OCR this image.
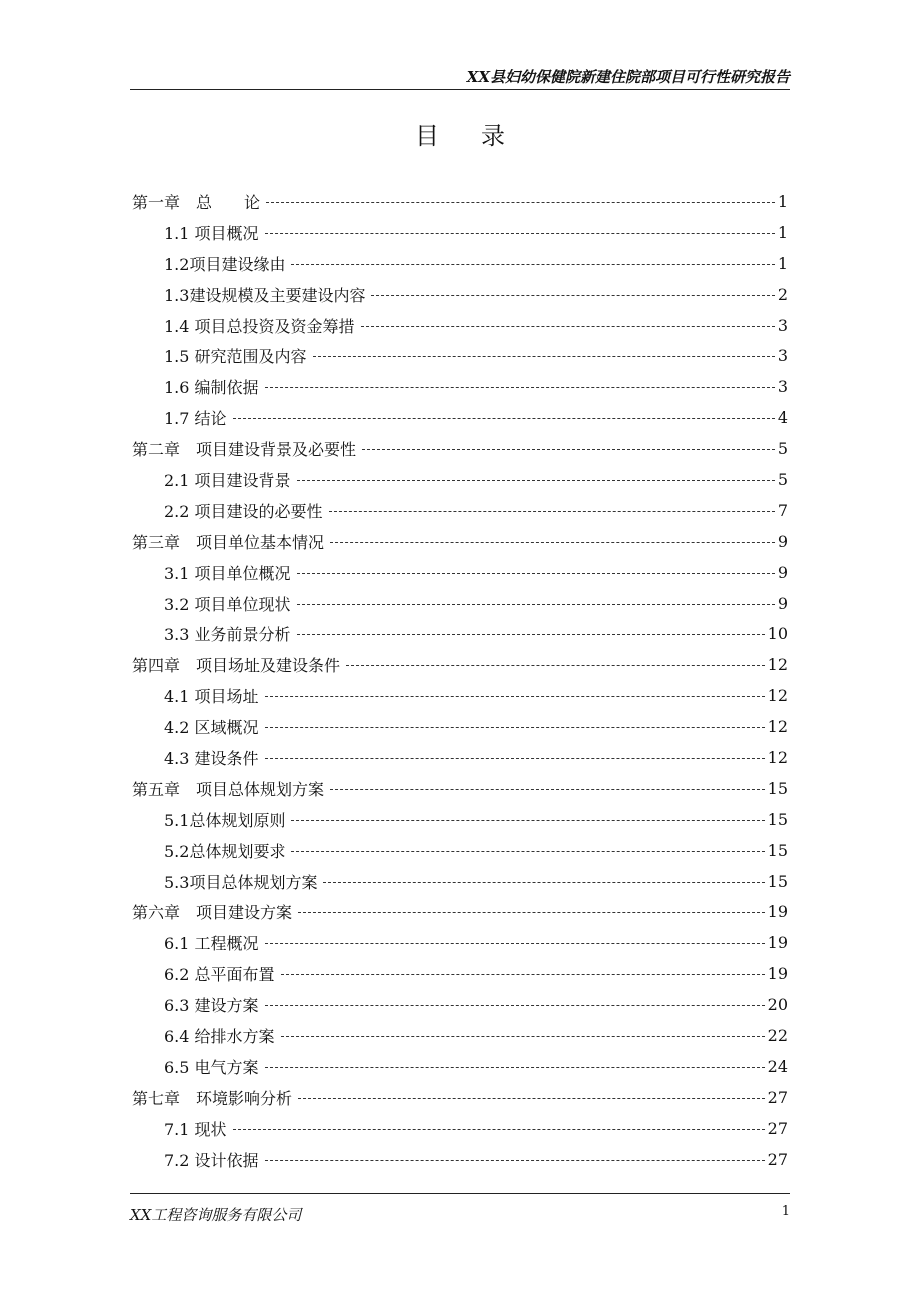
XX县妇幼保健院新建住院部项目可行性研究报告
目录
第一章　总　　论	1
1.1 项目概况	1
1.2项目建设缘由	1
1.3建设规模及主要建设内容	2
1.4 项目总投资及资金筹措	3
1.5 研究范围及内容	3
1.6 编制依据	3
1.7 结论	4
第二章　项目建设背景及必要性	5
2.1 项目建设背景	5
2.2 项目建设的必要性	7
第三章　项目单位基本情况	9
3.1 项目单位概况	9
3.2 项目单位现状	9
3.3 业务前景分析	10
第四章　项目场址及建设条件	12
4.1 项目场址	12
4.2 区域概况	12
4.3 建设条件	12
第五章　项目总体规划方案	15
5.1总体规划原则	15
5.2总体规划要求	15
5.3项目总体规划方案	15
第六章　项目建设方案	19
6.1 工程概况	19
6.2 总平面布置	19
6.3 建设方案	20
6.4 给排水方案	22
6.5 电气方案	24
第七章　环境影响分析	27
7.1 现状	27
7.2 设计依据	27
XX工程咨询服务有限公司	1
